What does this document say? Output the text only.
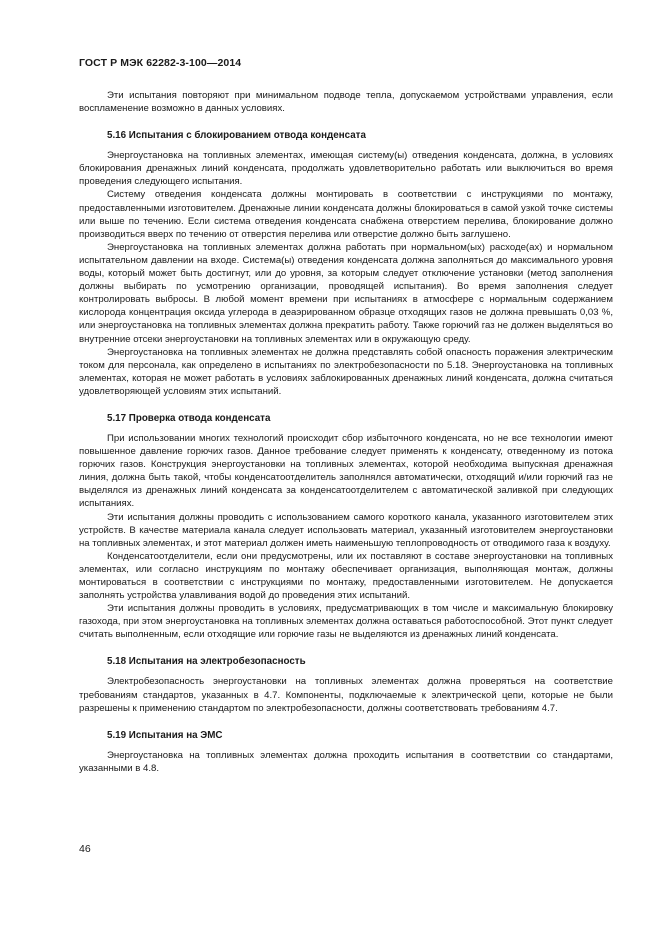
ГОСТ Р МЭК 62282-3-100—2014

Эти испытания повторяют при минимальном подводе тепла, допускаемом устройствами управления, если воспламенение возможно в данных условиях.

5.16 Испытания с блокированием отвода конденсата

Энергоустановка на топливных элементах, имеющая систему(ы) отведения конденсата, должна, в условиях блокирования дренажных линий конденсата, продолжать удовлетворительно работать или выключиться во время проведения следующего испытания.

Систему отведения конденсата должны монтировать в соответствии с инструкциями по монтажу, предоставленными изготовителем. Дренажные линии конденсата должны блокироваться в самой узкой точке системы или выше по течению. Если система отведения конденсата снабжена отверстием перелива, блокирование должно производиться вверх по течению от отверстия перелива или отверстие должно быть заглушено.

Энергоустановка на топливных элементах должна работать при нормальном(ых) расходе(ах) и нормальном испытательном давлении на входе. Система(ы) отведения конденсата должна заполняться до максимального уровня воды, который может быть достигнут, или до уровня, за которым следует отключение установки (метод заполнения должны выбирать по усмотрению организации, проводящей испытания). Во время заполнения следует контролировать выбросы. В любой момент времени при испытаниях в атмосфере с нормальным содержанием кислорода концентрация оксида углерода в деаэрированном образце отходящих газов не должна превышать 0,03 %, или энергоустановка на топливных элементах должна прекратить работу. Также горючий газ не должен выделяться во внутренние отсеки энергоустановки на топливных элементах или в окружающую среду.

Энергоустановка на топливных элементах не должна представлять собой опасность поражения электрическим током для персонала, как определено в испытаниях по электробезопасности по 5.18. Энергоустановка на топливных элементах, которая не может работать в условиях заблокированных дренажных линий конденсата, должна считаться удовлетворяющей условиям этих испытаний.

5.17 Проверка отвода конденсата

При использовании многих технологий происходит сбор избыточного конденсата, но не все технологии имеют повышенное давление горючих газов. Данное требование следует применять к конденсату, отведенному из потока горючих газов. Конструкция энергоустановки на топливных элементах, которой необходима выпускная дренажная линия, должна быть такой, чтобы конденсатоотделитель заполнялся автоматически, отходящий и/или горючий газ не выделялся из дренажных линий конденсата за конденсатоотделителем с автоматической заливкой при следующих испытаниях.

Эти испытания должны проводить с использованием самого короткого канала, указанного изготовителем этих устройств. В качестве материала канала следует использовать материал, указанный изготовителем энергоустановки на топливных элементах, и этот материал должен иметь наименьшую теплопроводность от отводимого газа к воздуху.

Конденсатоотделители, если они предусмотрены, или их поставляют в составе энергоустановки на топливных элементах, или согласно инструкциям по монтажу обеспечивает организация, выполняющая монтаж, должны монтироваться в соответствии с инструкциями по монтажу, предоставленными изготовителем. Не допускается заполнять устройства улавливания водой до проведения этих испытаний.

Эти испытания должны проводить в условиях, предусматривающих в том числе и максимальную блокировку газохода, при этом энергоустановка на топливных элементах должна оставаться работоспособной. Этот пункт следует считать выполненным, если отходящие или горючие газы не выделяются из дренажных линий конденсата.

5.18 Испытания на электробезопасность

Электробезопасность энергоустановки на топливных элементах должна проверяться на соответствие требованиям стандартов, указанных в 4.7. Компоненты, подключаемые к электрической цепи, которые не были разрешены к применению стандартом по электробезопасности, должны соответствовать требованиям 4.7.

5.19 Испытания на ЭМС

Энергоустановка на топливных элементах должна проходить испытания в соответствии со стандартами, указанными в 4.8.

46
